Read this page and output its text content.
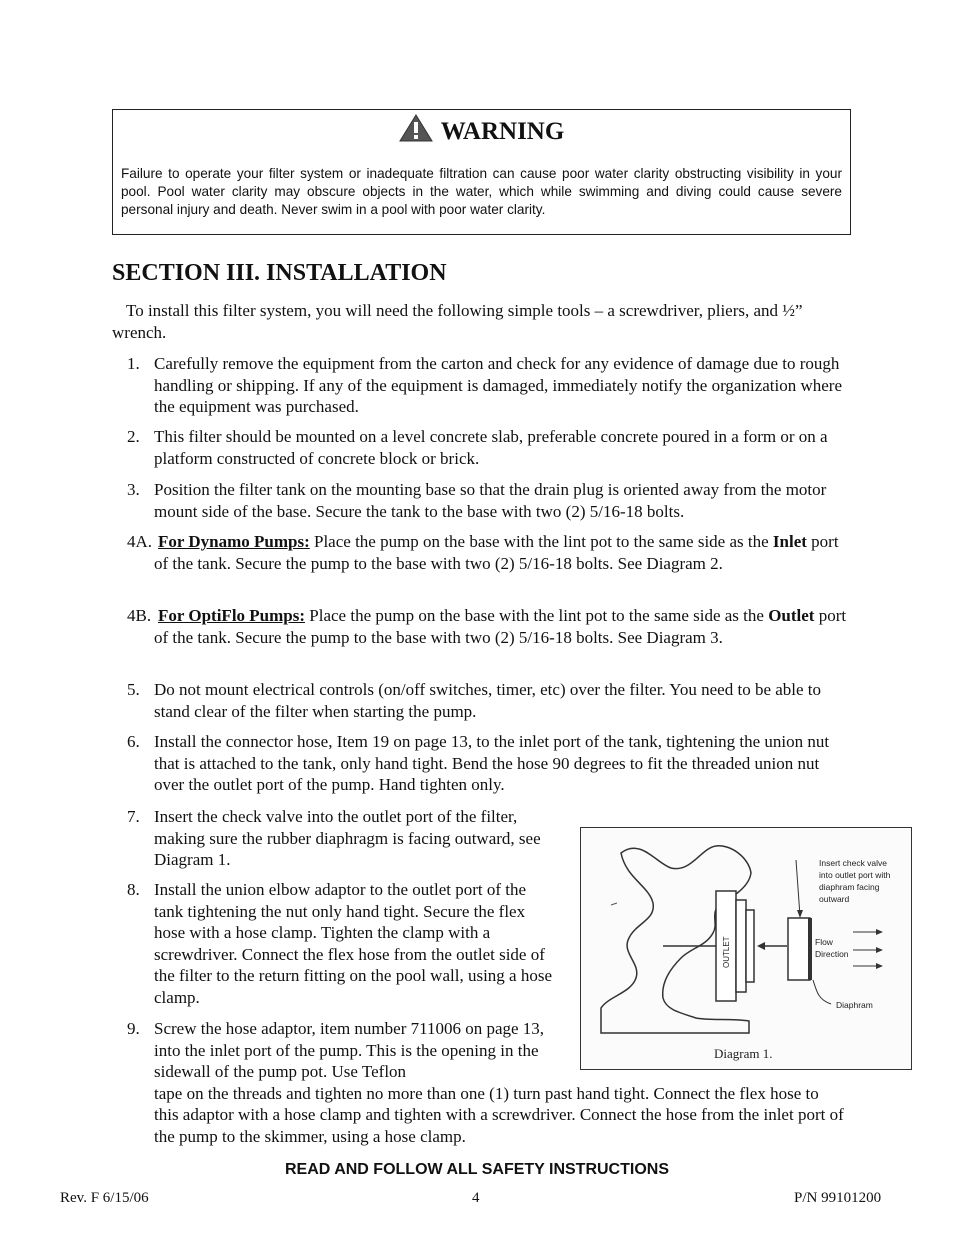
WARNING
Failure to operate your filter system or inadequate filtration can cause poor water clarity obstructing visibility in your pool. Pool water clarity may obscure objects in the water, which while swimming and diving could cause severe personal injury and death. Never swim in a pool with poor water clarity.
SECTION III. INSTALLATION

To install this filter system, you will need the following simple tools – a screwdriver, pliers, and ½” wrench.

1. Carefully remove the equipment from the carton and check for any evidence of damage due to rough handling or shipping. If any of the equipment is damaged, immediately notify the organization where the equipment was purchased.
2. This filter should be mounted on a level concrete slab, preferable concrete poured in a form or on a platform constructed of concrete block or brick.
3. Position the filter tank on the mounting base so that the drain plug is oriented away from the motor mount side of the base. Secure the tank to the base with two (2) 5/16-18 bolts.
4A. For Dynamo Pumps: Place the pump on the base with the lint pot to the same side as the Inlet port of the tank. Secure the pump to the base with two (2) 5/16-18 bolts. See Diagram 2.
4B. For OptiFlo Pumps: Place the pump on the base with the lint pot to the same side as the Outlet port of the tank. Secure the pump to the base with two (2) 5/16-18 bolts. See Diagram 3.
5. Do not mount electrical controls (on/off switches, timer, etc) over the filter. You need to be able to stand clear of the filter when starting the pump.
6. Install the connector hose, Item 19 on page 13, to the inlet port of the tank, tightening the union nut that is attached to the tank, only hand tight. Bend the hose 90 degrees to fit the threaded union nut over the outlet port of the pump. Hand tighten only.
7. Insert the check valve into the outlet port of the filter, making sure the rubber diaphragm is facing outward, see Diagram 1.
8. Install the union elbow adaptor to the outlet port of the tank tightening the nut only hand tight. Secure the flex hose with a hose clamp. Tighten the clamp with a screwdriver. Connect the flex hose from the outlet side of the filter to the return fitting on the pool wall, using a hose clamp.
9. Screw the hose adaptor, item number 711006 on page 13, into the inlet port of the pump. This is the opening in the sidewall of the pump pot. Use Teflon
tape on the threads and tighten no more than one (1) turn past hand tight. Connect the flex hose to this adaptor with a hose clamp and tighten with a screwdriver. Connect the hose from the inlet port of the pump to the skimmer, using a hose clamp.
OUTLET
Insert check valve
into outlet port with
diaphram facing
outward
Flow
Direction
Diaphram
Diagram 1.
READ AND FOLLOW ALL SAFETY INSTRUCTIONS
Rev. F 6/15/06	4	P/N 99101200
